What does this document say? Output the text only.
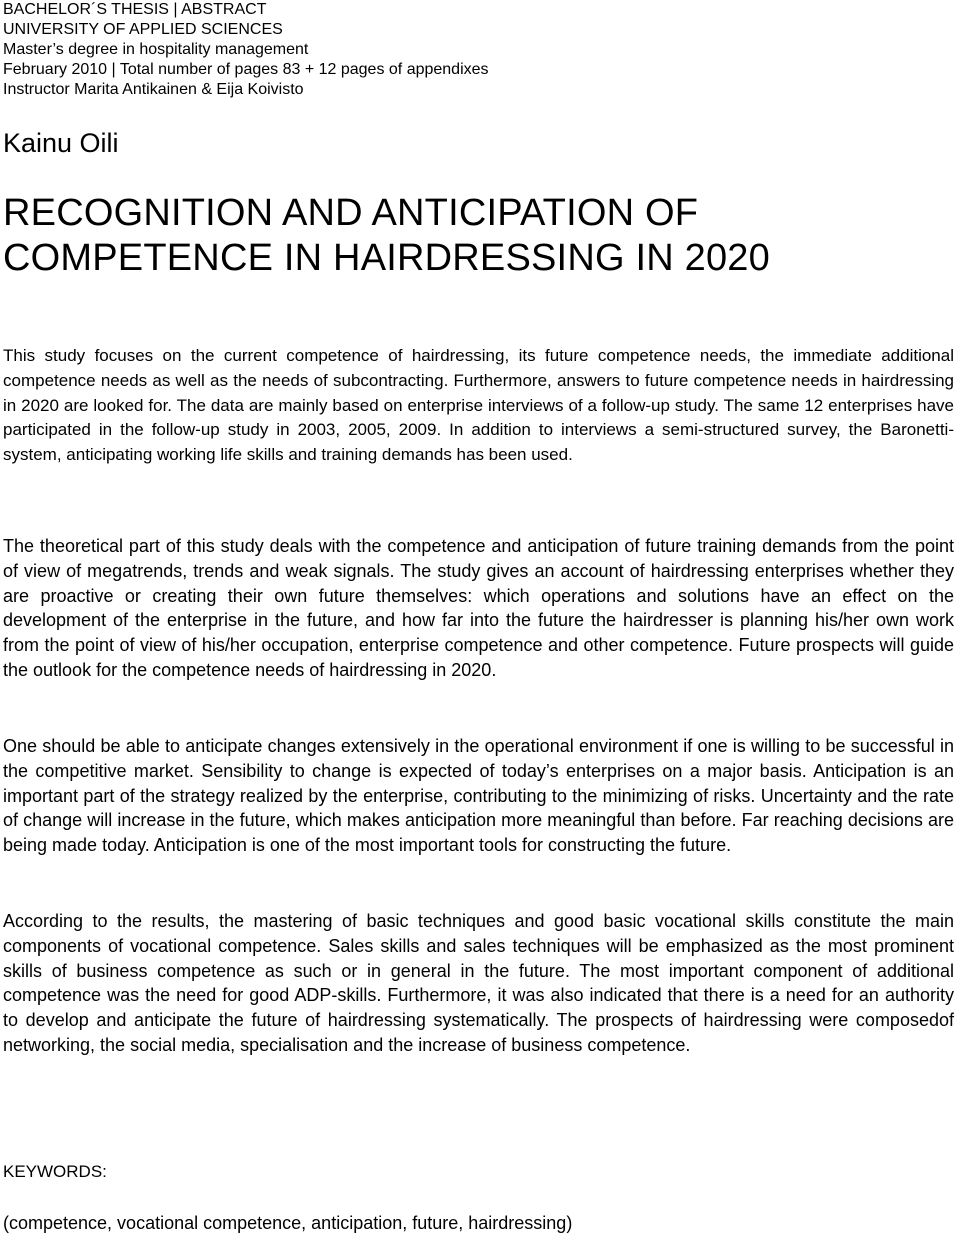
BACHELOR´S THESIS | ABSTRACT
UNIVERSITY OF APPLIED SCIENCES
Master’s degree in hospitality management
February 2010 | Total number of pages 83 + 12 pages of appendixes
Instructor Marita Antikainen & Eija Koivisto
Kainu Oili
RECOGNITION AND ANTICIPATION OF
COMPETENCE IN HAIRDRESSING IN 2020

This study focuses on the current competence of hairdressing, its future competence needs, the immediate additional competence needs as well as the needs of subcontracting. Furthermore, answers to future competence needs in hairdressing in 2020 are looked for. The data are mainly based on enterprise interviews of a follow-up study. The same 12 enterprises have participated in the follow-up study in 2003, 2005, 2009. In addition to interviews a semi-structured survey, the Baronetti-system, anticipating working life skills and training demands has been used.

The theoretical part of this study deals with the competence and anticipation of future training demands from the point of view of megatrends, trends and weak signals. The study gives an account of hairdressing enterprises whether they are proactive or creating their own future themselves: which operations and solutions have an effect on the development of the enterprise in the future, and how far into the future the hairdresser is planning his/her own work from the point of view of his/her occupation, enterprise competence and other competence. Future prospects will guide the outlook for the competence needs of hairdressing in 2020.

One should be able to anticipate changes extensively in the operational environment if one is willing to be successful in the competitive market. Sensibility to change is expected of today’s enterprises on a major basis. Anticipation is an important part of the strategy realized by the enterprise, contributing to the minimizing of risks. Uncertainty and the rate of change will increase in the future, which makes anticipation more meaningful than before. Far reaching decisions are being made today. Anticipation is one of the most important tools for constructing the future.

According to the results, the mastering of basic techniques and good basic vocational skills constitute the main components of vocational competence. Sales skills and sales techniques will be emphasized as the most prominent skills of business competence as such or in general in the future. The most important component of additional competence was the need for good ADP-skills. Furthermore, it was also indicated that there is a need for an authority to develop and anticipate the future of hairdressing systematically. The prospects of hairdressing were composedof networking, the social media, specialisation and the increase of business competence.

KEYWORDS:
(competence, vocational competence, anticipation, future, hairdressing)
